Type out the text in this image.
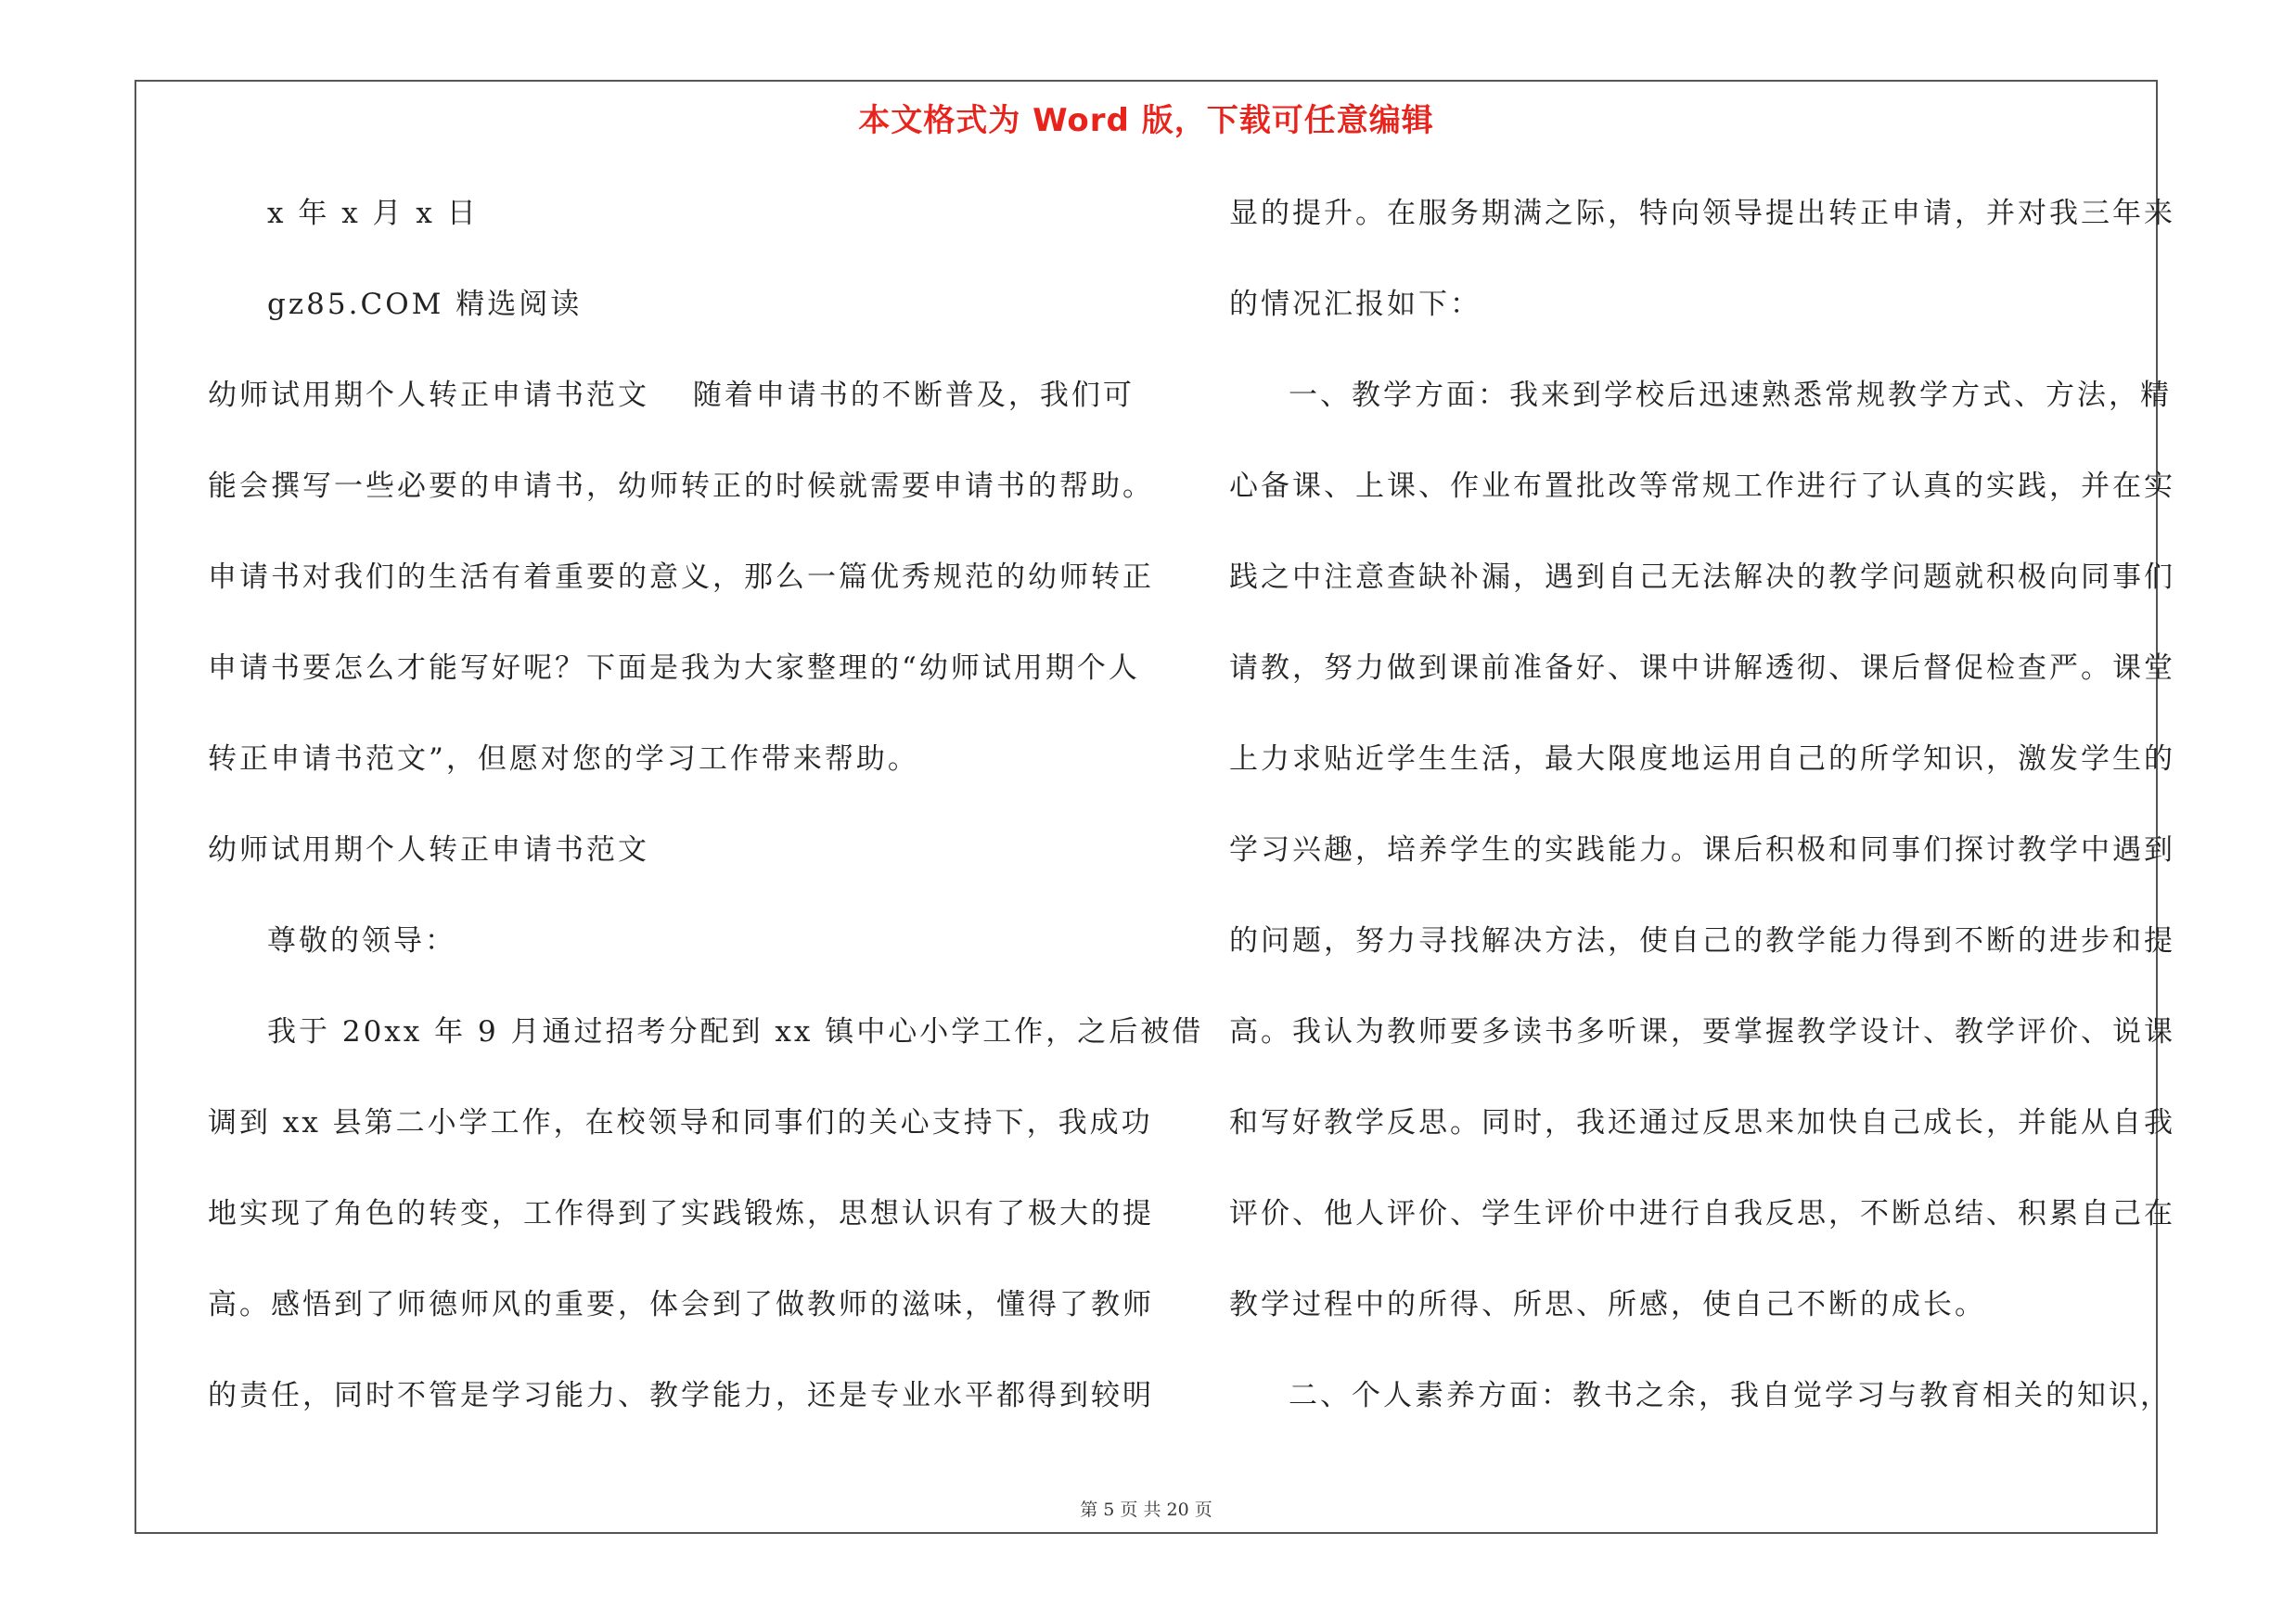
本文格式为 Word 版，下载可任意编辑
x 年 x 月 x 日
gz85.COM 精选阅读
幼师试用期个人转正申请书范文　 随着申请书的不断普及，我们可
能会撰写一些必要的申请书，幼师转正的时候就需要申请书的帮助。
申请书对我们的生活有着重要的意义，那么一篇优秀规范的幼师转正
申请书要怎么才能写好呢？下面是我为大家整理的“幼师试用期个人
转正申请书范文”，但愿对您的学习工作带来帮助。
幼师试用期个人转正申请书范文
尊敬的领导：
我于 20xx 年 9 月通过招考分配到 xx 镇中心小学工作，之后被借
调到 xx 县第二小学工作，在校领导和同事们的关心支持下，我成功
地实现了角色的转变，工作得到了实践锻炼，思想认识有了极大的提
高。感悟到了师德师风的重要，体会到了做教师的滋味，懂得了教师
的责任，同时不管是学习能力、教学能力，还是专业水平都得到较明
显的提升。在服务期满之际，特向领导提出转正申请，并对我三年来
的情况汇报如下：
一、教学方面：我来到学校后迅速熟悉常规教学方式、方法，精
心备课、上课、作业布置批改等常规工作进行了认真的实践，并在实
践之中注意查缺补漏，遇到自己无法解决的教学问题就积极向同事们
请教，努力做到课前准备好、课中讲解透彻、课后督促检查严。课堂
上力求贴近学生生活，最大限度地运用自己的所学知识，激发学生的
学习兴趣，培养学生的实践能力。课后积极和同事们探讨教学中遇到
的问题，努力寻找解决方法，使自己的教学能力得到不断的进步和提
高。我认为教师要多读书多听课，要掌握教学设计、教学评价、说课
和写好教学反思。同时，我还通过反思来加快自己成长，并能从自我
评价、他人评价、学生评价中进行自我反思，不断总结、积累自己在
教学过程中的所得、所思、所感，使自己不断的成长。
二、个人素养方面：教书之余，我自觉学习与教育相关的知识，
第 5 页 共 20 页
